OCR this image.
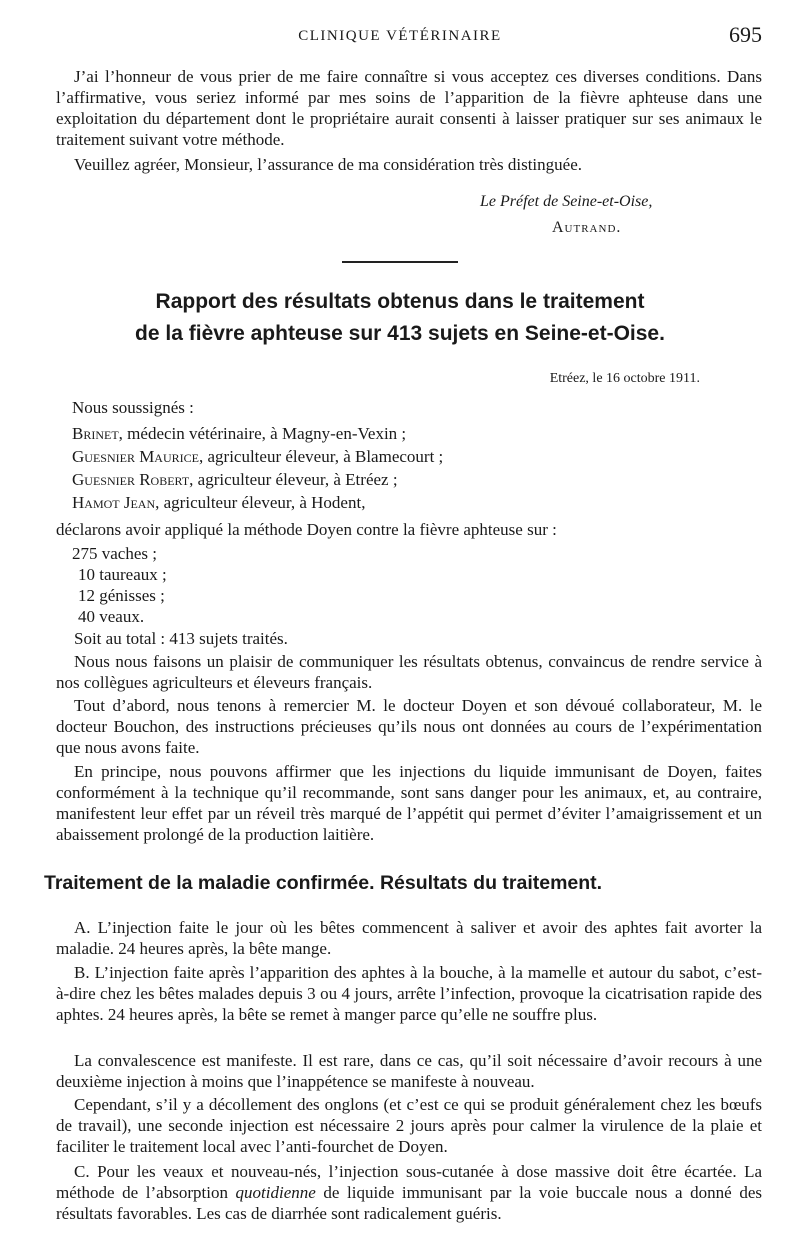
CLINIQUE VÉTÉRINAIRE	695

J’ai l’honneur de vous prier de me faire connaître si vous acceptez ces diverses conditions. Dans l’affirmative, vous seriez informé par mes soins de l’apparition de la fièvre aphteuse dans une exploitation du département dont le propriétaire aurait consenti à laisser pratiquer sur ses animaux le traitement suivant votre méthode.

Veuillez agréer, Monsieur, l’assurance de ma considération très distinguée.

Le Préfet de Seine-et-Oise,
Autrand.
Rapport des résultats obtenus dans le traitement
de la fièvre aphteuse sur 413 sujets en Seine-et-Oise.
Etréez, le 16 octobre 1911.
Nous soussignés :
Brinet, médecin vétérinaire, à Magny-en-Vexin ;
Guesnier Maurice, agriculteur éleveur, à Blamecourt ;
Guesnier Robert, agriculteur éleveur, à Etréez ;
Hamot Jean, agriculteur éleveur, à Hodent,
déclarons avoir appliqué la méthode Doyen contre la fièvre aphteuse sur :
275 vaches ;
10 taureaux ;
12 génisses ;
40 veaux.
Soit au total : 413 sujets traités.

Nous nous faisons un plaisir de communiquer les résultats obtenus, convaincus de rendre service à nos collègues agriculteurs et éleveurs français.

Tout d’abord, nous tenons à remercier M. le docteur Doyen et son dévoué collaborateur, M. le docteur Bouchon, des instructions précieuses qu’ils nous ont données au cours de l’expérimentation que nous avons faite.

En principe, nous pouvons affirmer que les injections du liquide immunisant de Doyen, faites conformément à la technique qu’il recommande, sont sans danger pour les animaux, et, au contraire, manifestent leur effet par un réveil très marqué de l’appétit qui permet d’éviter l’amaigrissement et un abaissement prolongé de la production laitière.

Traitement de la maladie confirmée. Résultats du traitement.

A. L’injection faite le jour où les bêtes commencent à saliver et avoir des aphtes fait avorter la maladie. 24 heures après, la bête mange.

B. L’injection faite après l’apparition des aphtes à la bouche, à la mamelle et autour du sabot, c’est-à-dire chez les bêtes malades depuis 3 ou 4 jours, arrête l’infection, provoque la cicatrisation rapide des aphtes. 24 heures après, la bête se remet à manger parce qu’elle ne souffre plus.

La convalescence est manifeste. Il est rare, dans ce cas, qu’il soit nécessaire d’avoir recours à une deuxième injection à moins que l’inappétence se manifeste à nouveau.

Cependant, s’il y a décollement des onglons (et c’est ce qui se produit généralement chez les bœufs de travail), une seconde injection est nécessaire 2 jours après pour calmer la virulence de la plaie et faciliter le traitement local avec l’anti-fourchet de Doyen.

C. Pour les veaux et nouveau-nés, l’injection sous-cutanée à dose massive doit être écartée. La méthode de l’absorption quotidienne de liquide immunisant par la voie buccale nous a donné des résultats favorables. Les cas de diarrhée sont radicalement guéris.
